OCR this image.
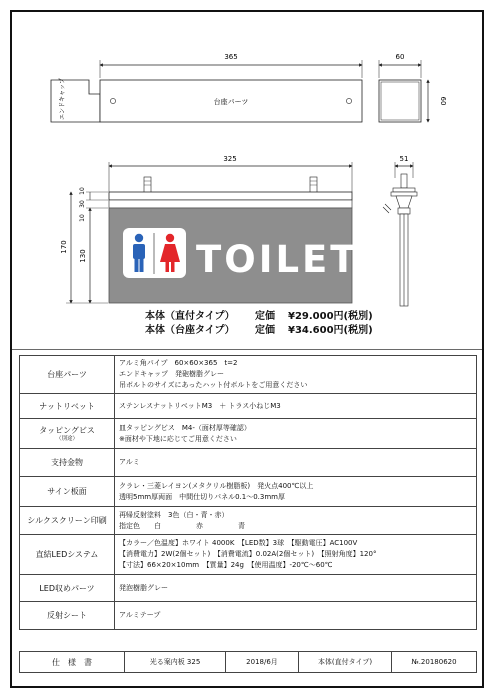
365
エンドキャップ	台座パーツ
60
60
325
TOILET
170
130
10
30
10
51
本体（直付タイプ） 定価 ¥29.000円(税別)
本体（台座タイプ） 定価 ¥34.600円(税別)
台座パーツ	アルミ角パイプ　60×60×365　t=2
エンドキャップ　発砲樹脂グレー
吊ボルトのサイズにあったハット付ボルトをご用意ください

ナットリベット	ステンレスナットリベットM3　＋ トラス小ねじM3

タッピングビス
（別途）	皿タッピングビス　M4-（面材厚等確認）
※面材や下地に応じてご用意ください

支持金物	アルミ

サイン板面	クラレ・三菱レイヨン(メタクリル樹脂板)　発火点400℃以上
透明5mm厚両面　中間仕切りパネル0.1〜0.3mm厚

シルクスクリーン印刷	再帰反射塗料　3色（白・青・赤）
指定色　　白　　　　　赤　　　　　青

直結LEDシステム	【カラー／色温度】ホワイト 4000K　【LED数】3球　【駆動電圧】AC100V
【消費電力】2W(2個セット)　【消費電流】0.02A(2個セット)　【照射角度】120°
【寸法】66×20×10mm　【質量】24g　【使用温度】-20℃〜60℃

LED収めパーツ	発泡樹脂グレー

反射シート	アルミテープ
仕　様　書	光る案内板 325	2018/6月	本体(直付タイプ)	№.20180620
